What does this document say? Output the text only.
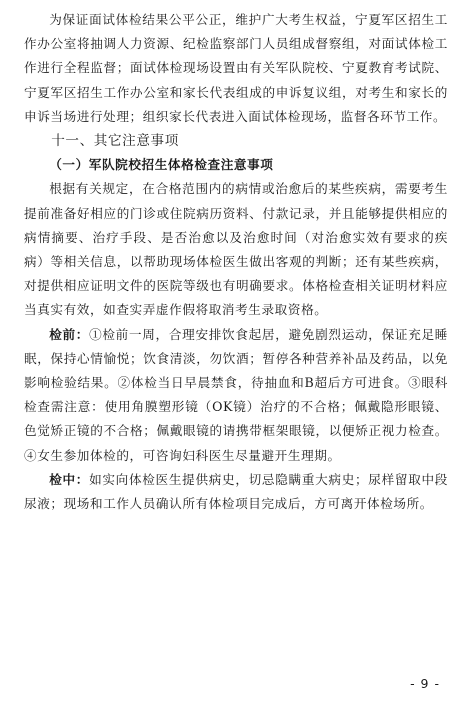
为保证面试体检结果公平公正，维护广大考生权益，宁夏军区招生工作办公室将抽调人力资源、纪检监察部门人员组成督察组，对面试体检工作进行全程监督；面试体检现场设置由有关军队院校、宁夏教育考试院、宁夏军区招生工作办公室和家长代表组成的申诉复议组，对考生和家长的申诉当场进行处理；组织家长代表进入面试体检现场，监督各环节工作。

十一、其它注意事项
（一）军队院校招生体格检查注意事项

根据有关规定，在合格范围内的病情或治愈后的某些疾病，需要考生提前准备好相应的门诊或住院病历资料、付款记录，并且能够提供相应的病情摘要、治疗手段、是否治愈以及治愈时间（对治愈实效有要求的疾病）等相关信息，以帮助现场体检医生做出客观的判断；还有某些疾病，对提供相应证明文件的医院等级也有明确要求。体格检查相关证明材料应当真实有效，如查实弄虚作假将取消考生录取资格。

检前：①检前一周，合理安排饮食起居，避免剧烈运动，保证充足睡眠，保持心情愉悦；饮食清淡，勿饮酒；暂停各种营养补品及药品，以免影响检验结果。②体检当日早晨禁食，待抽血和B超后方可进食。③眼科检查需注意：使用角膜塑形镜（OK镜）治疗的不合格；佩戴隐形眼镜、色觉矫正镜的不合格；佩戴眼镜的请携带框架眼镜，以便矫正视力检查。④女生参加体检的，可咨询妇科医生尽量避开生理期。

检中：如实向体检医生提供病史，切忌隐瞒重大病史；尿样留取中段尿液；现场和工作人员确认所有体检项目完成后，方可离开体检场所。

- 9 -
